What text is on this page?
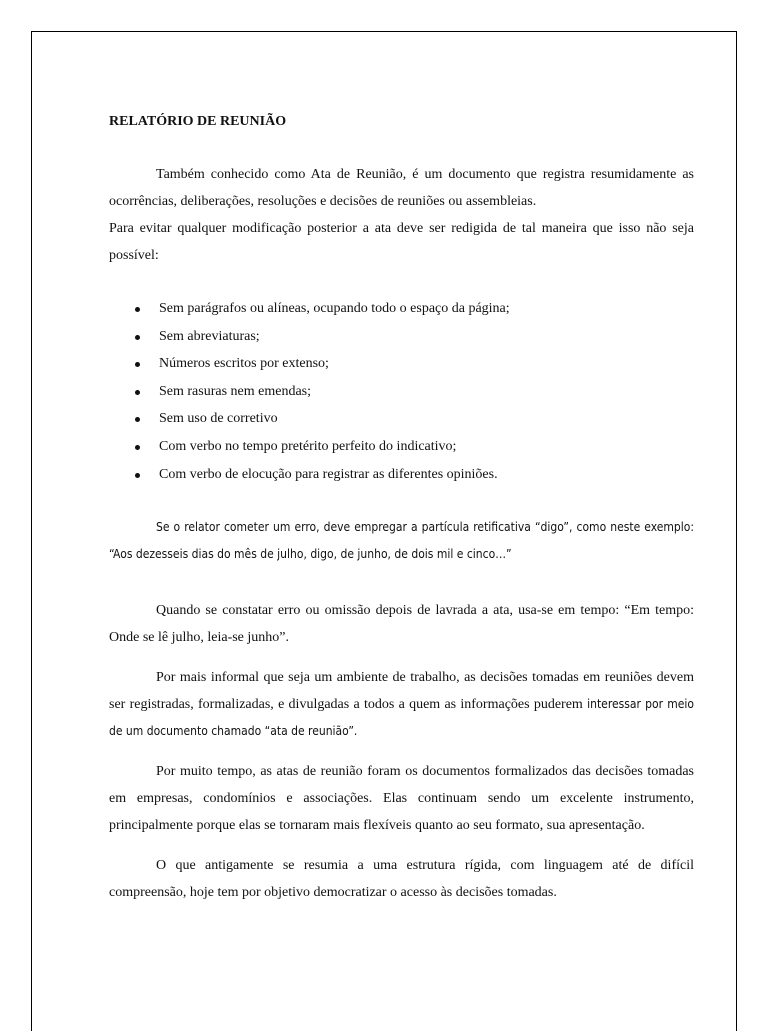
RELATÓRIO DE REUNIÃO

Também conhecido como Ata de Reunião, é um documento que registra resumidamente as ocorrências, deliberações, resoluções e decisões de reuniões ou assembleias.

Para evitar qualquer modificação posterior a ata deve ser redigida de tal maneira que isso não seja possível:

Sem parágrafos ou alíneas, ocupando todo o espaço da página;
Sem abreviaturas;
Números escritos por extenso;
Sem rasuras nem emendas;
Sem uso de corretivo
Com verbo no tempo pretérito perfeito do indicativo;
Com verbo de elocução para registrar as diferentes opiniões.

Se o relator cometer um erro, deve empregar a partícula retificativa “digo”, como neste exemplo: “Aos dezesseis dias do mês de julho, digo, de junho, de dois mil e cinco…”

Quando se constatar erro ou omissão depois de lavrada a ata, usa-se em tempo: “Em tempo: Onde se lê julho, leia-se junho”.

Por mais informal que seja um ambiente de trabalho, as decisões tomadas em reuniões devem ser registradas, formalizadas, e divulgadas a todos a quem as informações puderem interessar por meio de um documento chamado “ata de reunião”.

Por muito tempo, as atas de reunião foram os documentos formalizados das decisões tomadas em empresas, condomínios e associações. Elas continuam sendo um excelente instrumento, principalmente porque elas se tornaram mais flexíveis quanto ao seu formato, sua apresentação.

O que antigamente se resumia a uma estrutura rígida, com linguagem até de difícil compreensão, hoje tem por objetivo democratizar o acesso às decisões tomadas.
